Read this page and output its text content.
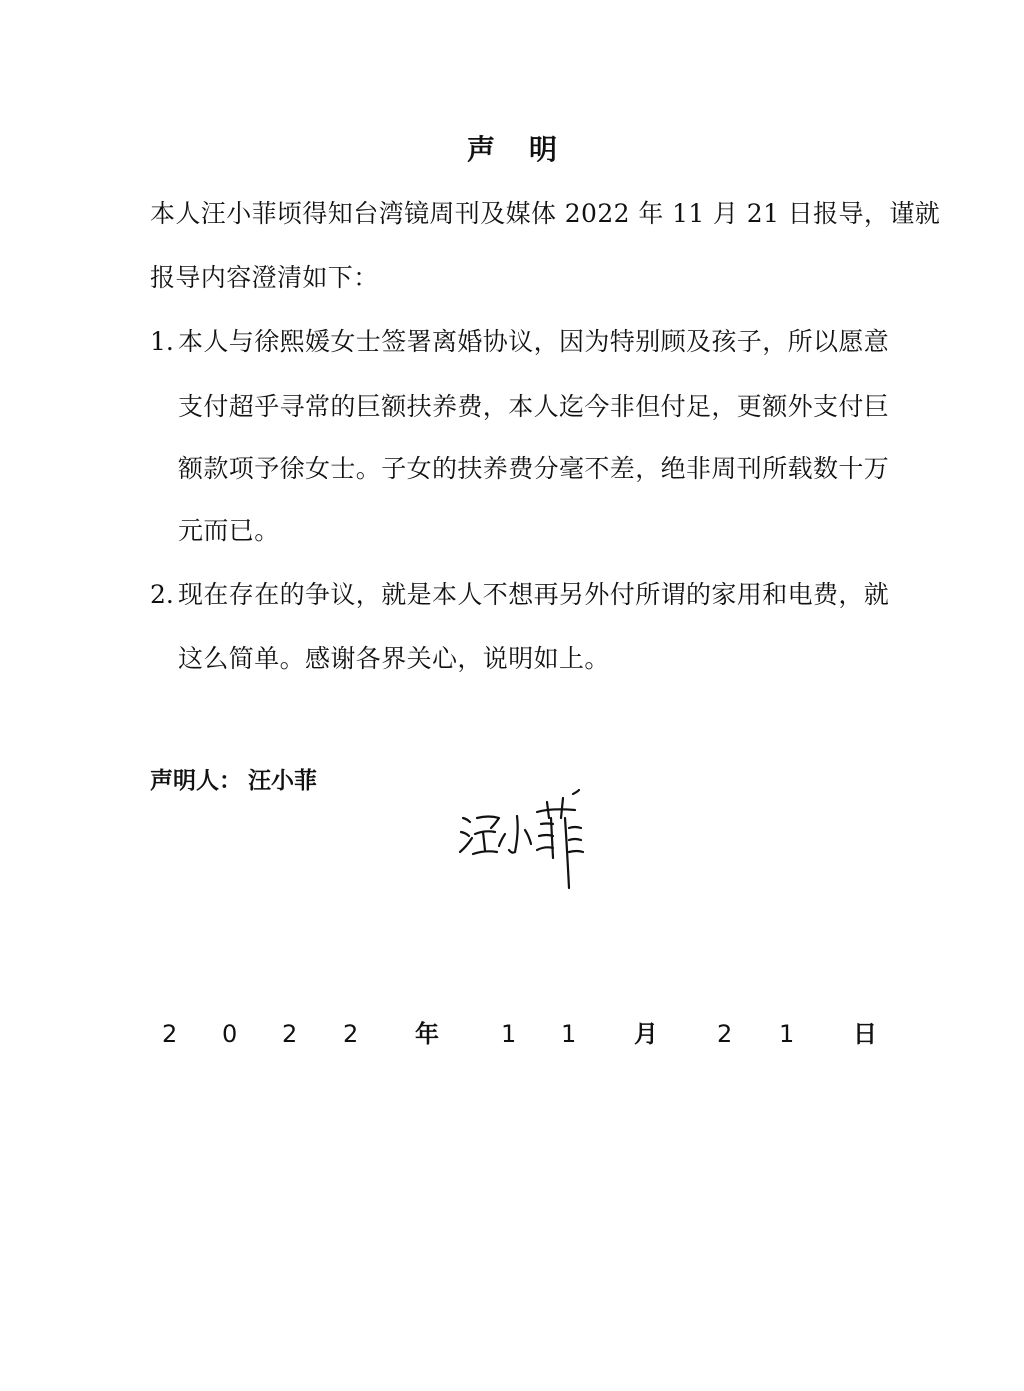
声明
本人汪小菲顷得知台湾镜周刊及媒体 2022 年 11 月 21 日报导，谨就
报导内容澄清如下：
1. 本人与徐熙媛女士签署离婚协议，因为特别顾及孩子，所以愿意
支付超乎寻常的巨额扶养费，本人迄今非但付足，更额外支付巨
额款项予徐女士。子女的扶养费分毫不差，绝非周刊所载数十万
元而已。
2. 现在存在的争议，就是本人不想再另外付所谓的家用和电费，就
这么简单。感谢各界关心，说明如上。
声明人： 汪小菲
2 0 2 2 年	1 1 月 2 1 日
